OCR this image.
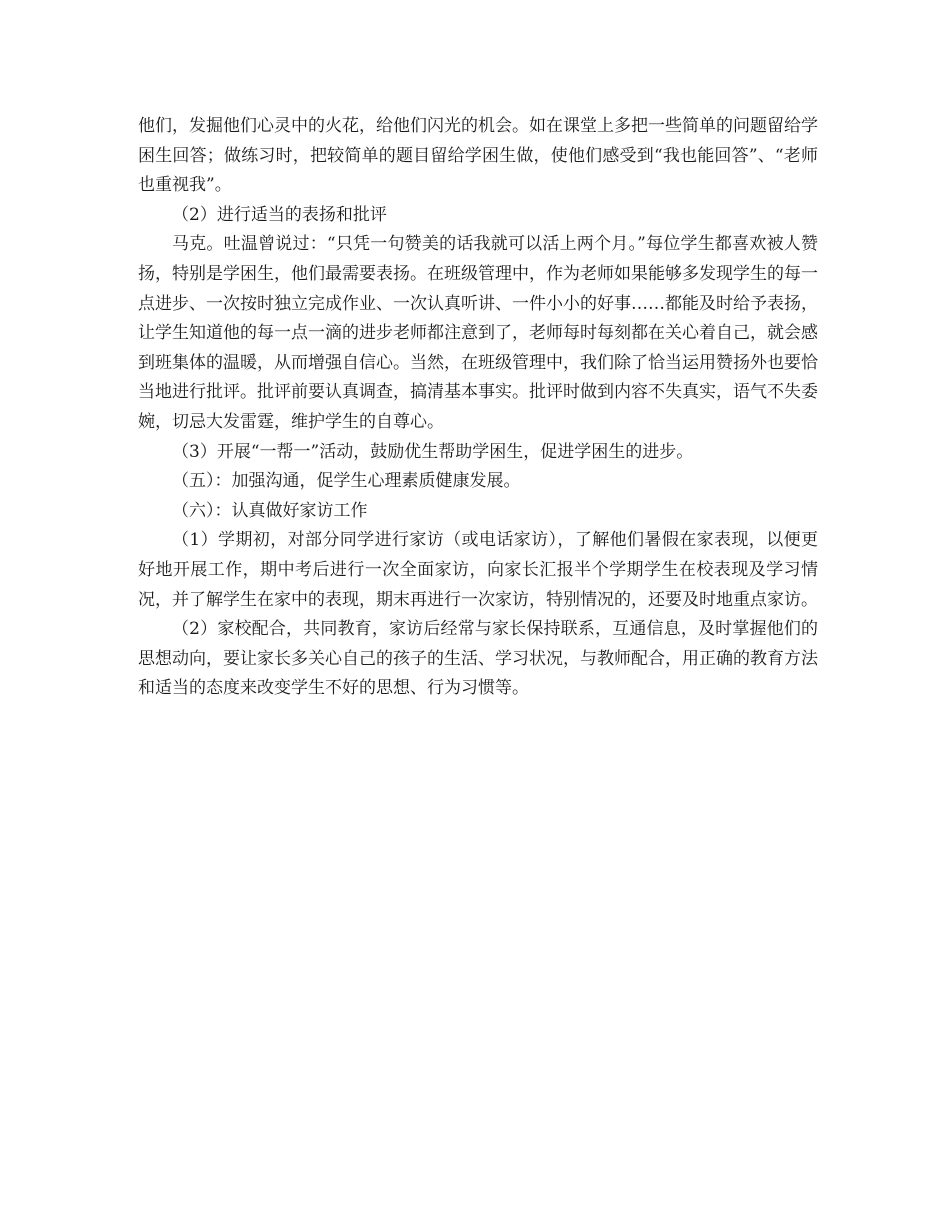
他们，发掘他们心灵中的火花，给他们闪光的机会。如在课堂上多把一些简单的问题留给学困生回答；做练习时，把较简单的题目留给学困生做，使他们感受到“我也能回答”、“老师也重视我”。

（2）进行适当的表扬和批评

马克。吐温曾说过：“只凭一句赞美的话我就可以活上两个月。”每位学生都喜欢被人赞扬，特别是学困生，他们最需要表扬。在班级管理中，作为老师如果能够多发现学生的每一点进步、一次按时独立完成作业、一次认真听讲、一件小小的好事……都能及时给予表扬，让学生知道他的每一点一滴的进步老师都注意到了，老师每时每刻都在关心着自己，就会感到班集体的温暖，从而增强自信心。当然，在班级管理中，我们除了恰当运用赞扬外也要恰当地进行批评。批评前要认真调查，搞清基本事实。批评时做到内容不失真实，语气不失委婉，切忌大发雷霆，维护学生的自尊心。

（3）开展“一帮一”活动，鼓励优生帮助学困生，促进学困生的进步。

（五）：加强沟通，促学生心理素质健康发展。

（六）：认真做好家访工作

（1）学期初，对部分同学进行家访（或电话家访），了解他们暑假在家表现，以便更好地开展工作，期中考后进行一次全面家访，向家长汇报半个学期学生在校表现及学习情况，并了解学生在家中的表现，期末再进行一次家访，特别情况的，还要及时地重点家访。

（2）家校配合，共同教育，家访后经常与家长保持联系，互通信息，及时掌握他们的思想动向，要让家长多关心自己的孩子的生活、学习状况，与教师配合，用正确的教育方法和适当的态度来改变学生不好的思想、行为习惯等。
